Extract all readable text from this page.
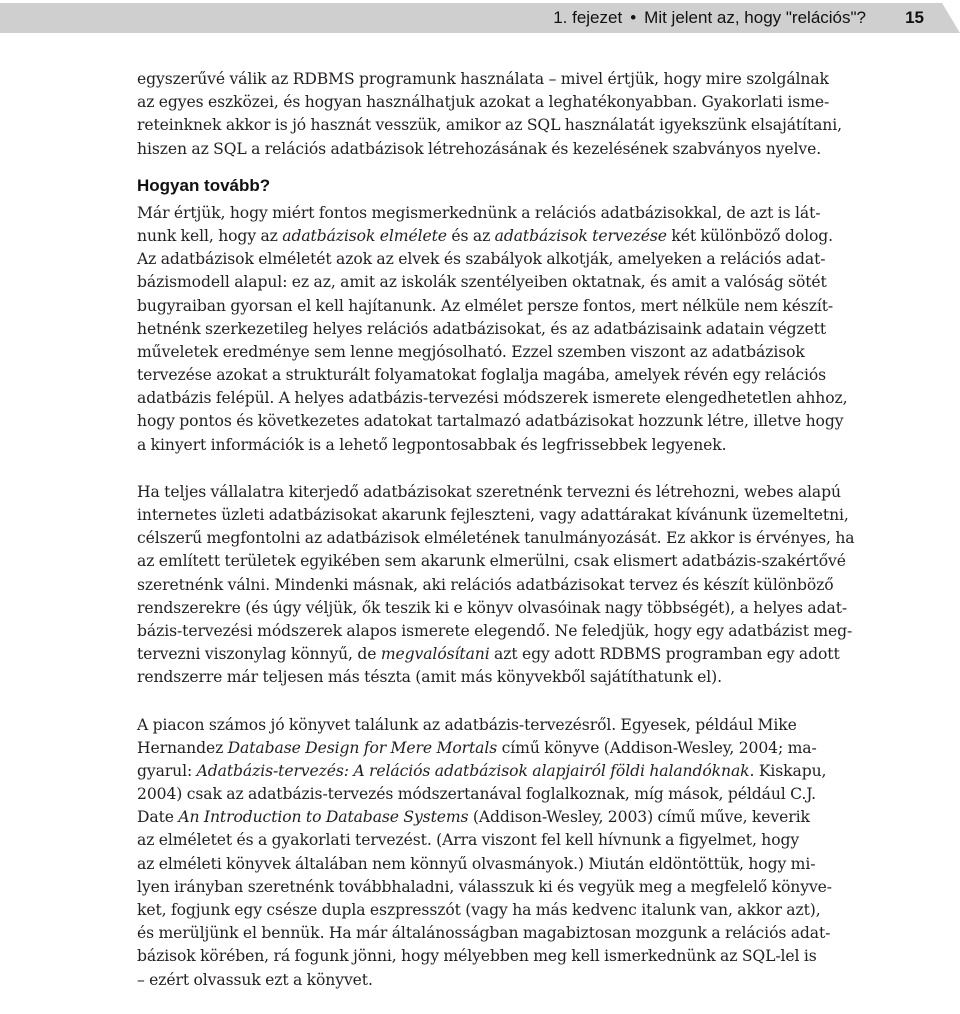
1. fejezet • Mit jelent az, hogy "relációs"? 15
egyszerűvé válik az RDBMS programunk használata – mivel értjük, hogy mire szolgálnak
az egyes eszközei, és hogyan használhatjuk azokat a leghatékonyabban. Gyakorlati isme-
reteinknek akkor is jó hasznát vesszük, amikor az SQL használatát igyekszünk elsajátítani,
hiszen az SQL a relációs adatbázisok létrehozásának és kezelésének szabványos nyelve.
Hogyan tovább?
Már értjük, hogy miért fontos megismerkednünk a relációs adatbázisokkal, de azt is lát-
nunk kell, hogy az adatbázisok elmélete és az adatbázisok tervezése két különböző dolog.
Az adatbázisok elméletét azok az elvek és szabályok alkotják, amelyeken a relációs adat-
bázismodell alapul: ez az, amit az iskolák szentélyeiben oktatnak, és amit a valóság sötét
bugyraiban gyorsan el kell hajítanunk. Az elmélet persze fontos, mert nélküle nem készít-
hetnénk szerkezetileg helyes relációs adatbázisokat, és az adatbázisaink adatain végzett
műveletek eredménye sem lenne megjósolható. Ezzel szemben viszont az adatbázisok
tervezése azokat a strukturált folyamatokat foglalja magába, amelyek révén egy relációs
adatbázis felépül. A helyes adatbázis-tervezési módszerek ismerete elengedhetetlen ahhoz,
hogy pontos és következetes adatokat tartalmazó adatbázisokat hozzunk létre, illetve hogy
a kinyert információk is a lehető legpontosabbak és legfrissebbek legyenek.
Ha teljes vállalatra kiterjedő adatbázisokat szeretnénk tervezni és létrehozni, webes alapú
internetes üzleti adatbázisokat akarunk fejleszteni, vagy adattárakat kívánunk üzemeltetni,
célszerű megfontolni az adatbázisok elméletének tanulmányozását. Ez akkor is érvényes, ha
az említett területek egyikében sem akarunk elmerülni, csak elismert adatbázis-szakértővé
szeretnénk válni. Mindenki másnak, aki relációs adatbázisokat tervez és készít különböző
rendszerekre (és úgy véljük, ők teszik ki e könyv olvasóinak nagy többségét), a helyes adat-
bázis-tervezési módszerek alapos ismerete elegendő. Ne feledjük, hogy egy adatbázist meg-
tervezni viszonylag könnyű, de megvalósítani azt egy adott RDBMS programban egy adott
rendszerre már teljesen más tészta (amit más könyvekből sajátíthatunk el).
A piacon számos jó könyvet találunk az adatbázis-tervezésről. Egyesek, például Mike
Hernandez Database Design for Mere Mortals című könyve (Addison-Wesley, 2004; ma-
gyarul: Adatbázis-tervezés: A relációs adatbázisok alapjairól földi halandóknak. Kiskapu,
2004) csak az adatbázis-tervezés módszertanával foglalkoznak, míg mások, például C.J.
Date An Introduction to Database Systems (Addison-Wesley, 2003) című műve, keverik
az elméletet és a gyakorlati tervezést. (Arra viszont fel kell hívnunk a figyelmet, hogy
az elméleti könyvek általában nem könnyű olvasmányok.) Miután eldöntöttük, hogy mi-
lyen irányban szeretnénk továbbhaladni, válasszuk ki és vegyük meg a megfelelő könyve-
ket, fogjunk egy csésze dupla eszpresszót (vagy ha más kedvenc italunk van, akkor azt),
és merüljünk el bennük. Ha már általánosságban magabiztosan mozgunk a relációs adat-
bázisok körében, rá fogunk jönni, hogy mélyebben meg kell ismerkednünk az SQL-lel is
– ezért olvassuk ezt a könyvet.
